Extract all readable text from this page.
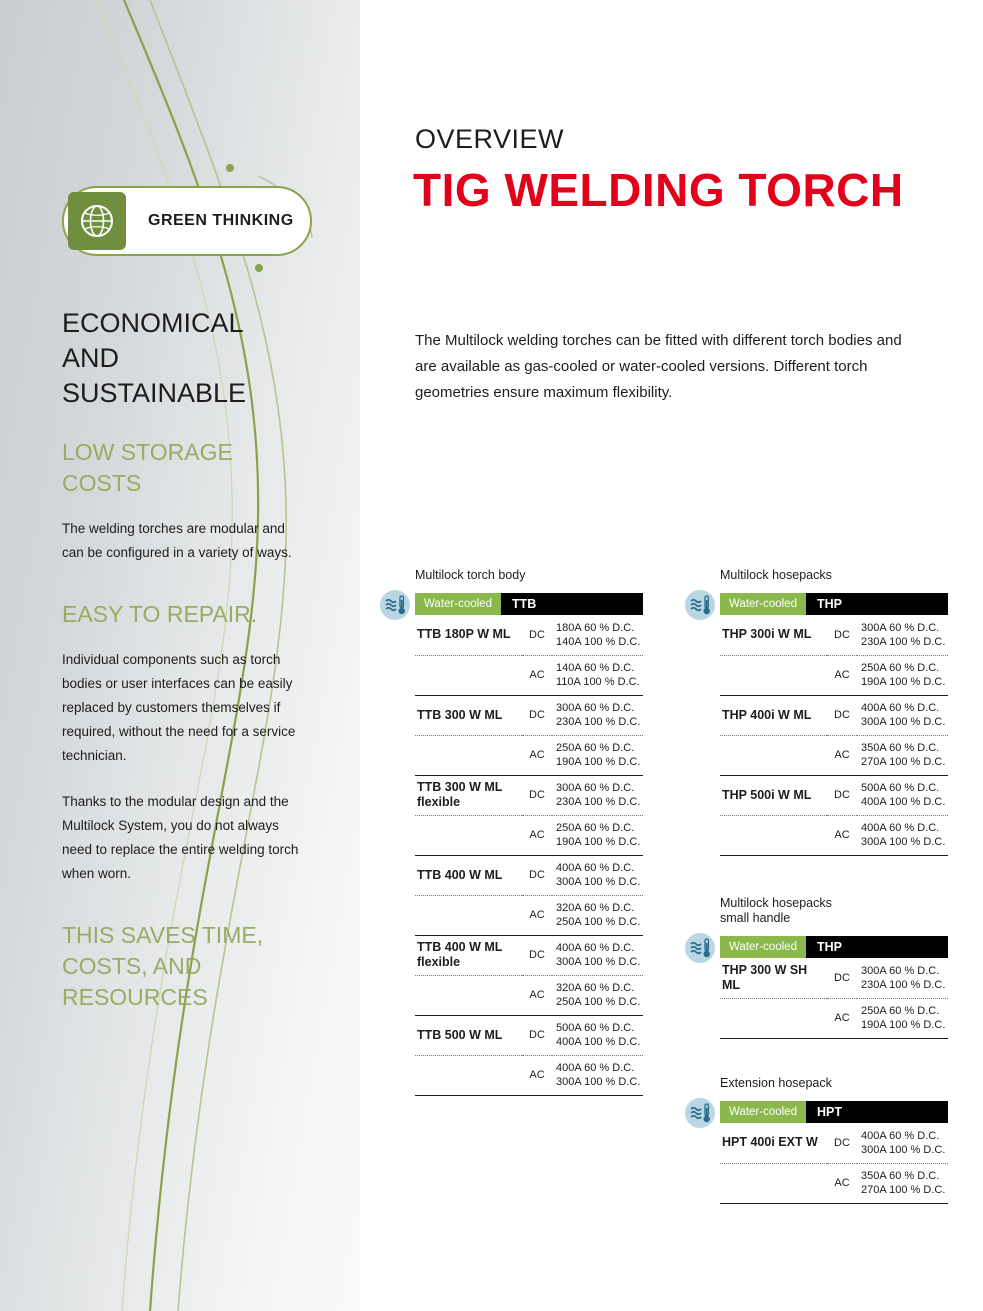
GREEN THINKING
ECONOMICAL AND SUSTAINABLE
LOW STORAGE COSTS
The welding torches are modular and can be configured in a variety of ways.
EASY TO REPAIR.
Individual components such as torch bodies or user interfaces can be easily replaced by customers themselves if required, without the need for a service technician.
Thanks to the modular design and the Multilock System, you do not always need to replace the entire welding torch when worn.
THIS SAVES TIME, COSTS, AND RESOURCES
OVERVIEW
TIG WELDING TORCH
The Multilock welding torches can be fitted with different torch bodies and are available as gas-cooled or water-cooled versions. Different torch geometries ensure maximum flexibility.
Multilock torch body
Water-cooled	TTB
TTB 180P W ML	DC	180A 60 % D.C.
140A 100 % D.C.

	AC	140A 60 % D.C.
110A 100 % D.C.

TTB 300 W ML	DC	300A 60 % D.C.
230A 100 % D.C.

	AC	250A 60 % D.C.
190A 100 % D.C.

TTB 300 W ML
flexible	DC	
300A 60 % D.C.
230A 100 % D.C.

	AC	250A 60 % D.C.
190A 100 % D.C.

TTB 400 W ML	DC	400A 60 % D.C.
300A 100 % D.C.

	AC	320A 60 % D.C.
250A 100 % D.C.

TTB 400 W ML
flexible	DC	
400A 60 % D.C.
300A 100 % D.C.

	AC	320A 60 % D.C.
250A 100 % D.C.

TTB 500 W ML	DC	500A 60 % D.C.
400A 100 % D.C.

	AC	400A 60 % D.C.
300A 100 % D.C.

Multilock hosepacks
Water-cooled	THP
THP 300i W ML	DC	300A 60 % D.C.
230A 100 % D.C.

	AC	250A 60 % D.C.
190A 100 % D.C.

THP 400i W ML	DC	400A 60 % D.C.
300A 100 % D.C.

	AC	350A 60 % D.C.
270A 100 % D.C.

THP 500i W ML	DC	500A 60 % D.C.
400A 100 % D.C.

	AC	400A 60 % D.C.
300A 100 % D.C.

Multilock hosepacks
small handle
Water-cooled	THP
THP 300 W SH
ML	DC	
300A 60 % D.C.
230A 100 % D.C.

	AC	250A 60 % D.C.
190A 100 % D.C.

Extension hosepack
Water-cooled	HPT
HPT 400i EXT W	DC	400A 60 % D.C.
300A 100 % D.C.

	AC	350A 60 % D.C.
270A 100 % D.C.
